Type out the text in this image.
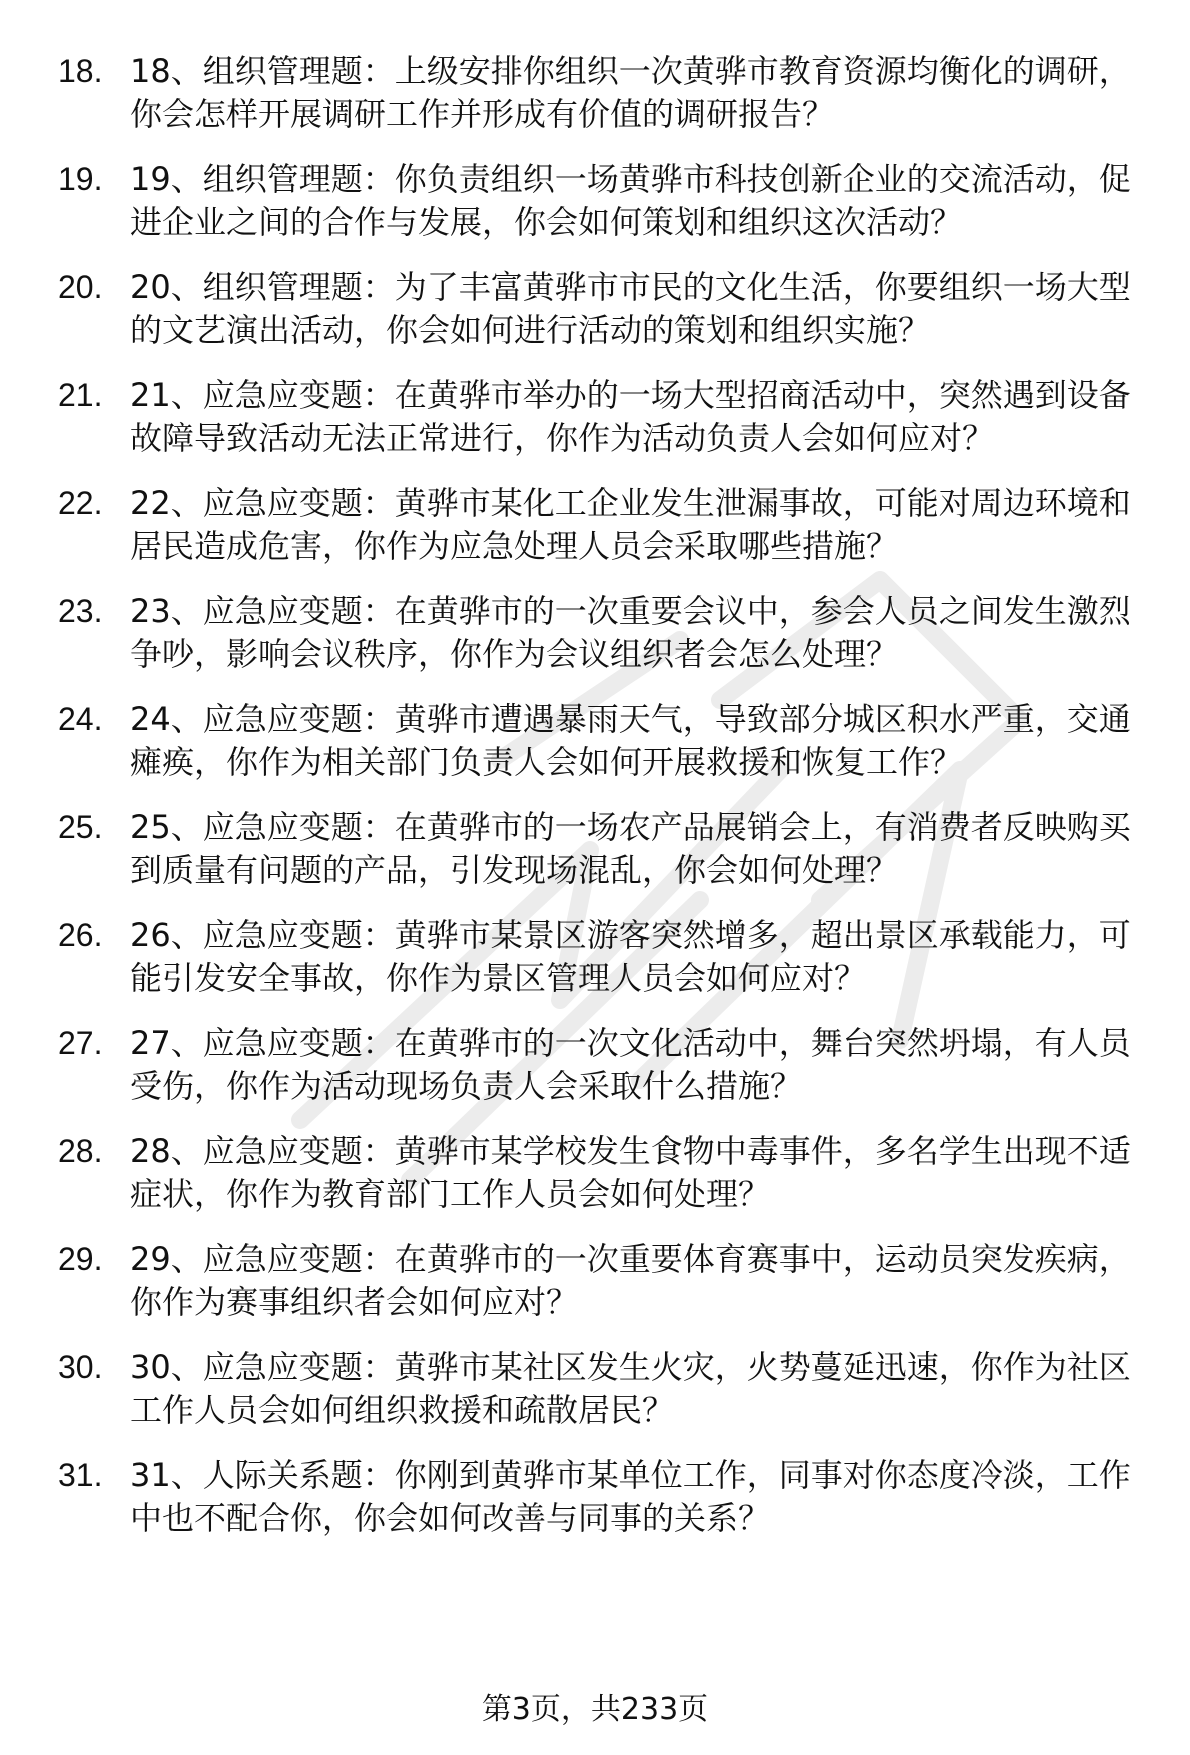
18. 18、组织管理题：上级安排你组织一次黄骅市教育资源均衡化的调研，你会怎样开展调研工作并形成有价值的调研报告？
19. 19、组织管理题：你负责组织一场黄骅市科技创新企业的交流活动，促进企业之间的合作与发展，你会如何策划和组织这次活动？
20. 20、组织管理题：为了丰富黄骅市市民的文化生活，你要组织一场大型的文艺演出活动，你会如何进行活动的策划和组织实施？
21. 21、应急应变题：在黄骅市举办的一场大型招商活动中，突然遇到设备故障导致活动无法正常进行，你作为活动负责人会如何应对？
22. 22、应急应变题：黄骅市某化工企业发生泄漏事故，可能对周边环境和居民造成危害，你作为应急处理人员会采取哪些措施？
23. 23、应急应变题：在黄骅市的一次重要会议中，参会人员之间发生激烈争吵，影响会议秩序，你作为会议组织者会怎么处理？
24. 24、应急应变题：黄骅市遭遇暴雨天气，导致部分城区积水严重，交通瘫痪，你作为相关部门负责人会如何开展救援和恢复工作？
25. 25、应急应变题：在黄骅市的一场农产品展销会上，有消费者反映购买到质量有问题的产品，引发现场混乱，你会如何处理？
26. 26、应急应变题：黄骅市某景区游客突然增多，超出景区承载能力，可能引发安全事故，你作为景区管理人员会如何应对？
27. 27、应急应变题：在黄骅市的一次文化活动中，舞台突然坍塌，有人员受伤，你作为活动现场负责人会采取什么措施？
28. 28、应急应变题：黄骅市某学校发生食物中毒事件，多名学生出现不适症状，你作为教育部门工作人员会如何处理？
29. 29、应急应变题：在黄骅市的一次重要体育赛事中，运动员突发疾病，你作为赛事组织者会如何应对？
30. 30、应急应变题：黄骅市某社区发生火灾，火势蔓延迅速，你作为社区工作人员会如何组织救援和疏散居民？
31. 31、人际关系题：你刚到黄骅市某单位工作，同事对你态度冷淡，工作中也不配合你，你会如何改善与同事的关系？
第3页，共233页
